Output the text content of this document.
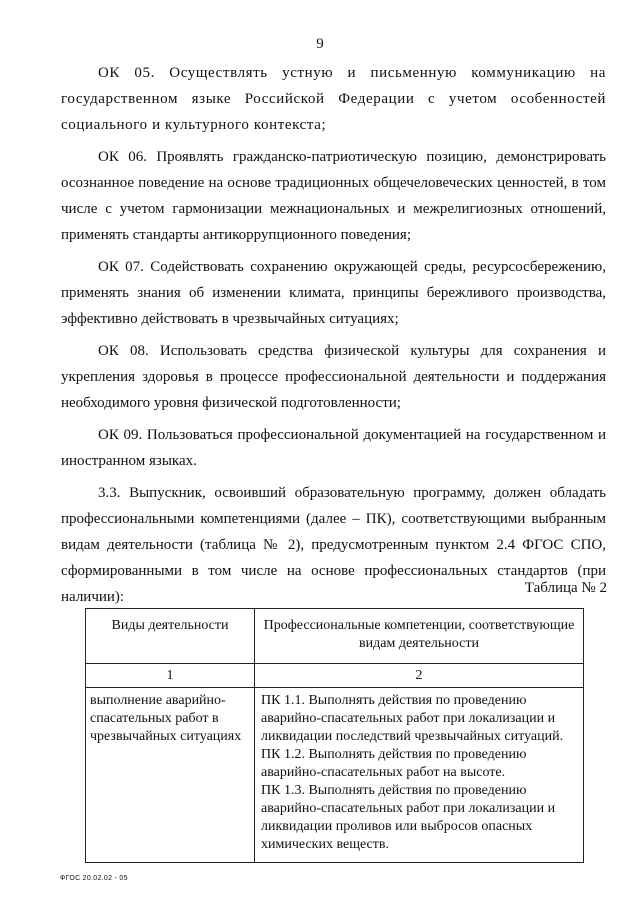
9

ОК 05. Осуществлять устную и письменную коммуникацию на государственном языке Российской Федерации с учетом особенностей социального и культурного контекста;

ОК 06. Проявлять гражданско-патриотическую позицию, демонстрировать осознанное поведение на основе традиционных общечеловеческих ценностей, в том числе с учетом гармонизации межнациональных и межрелигиозных отношений, применять стандарты антикоррупционного поведения;

ОК 07. Содействовать сохранению окружающей среды, ресурсосбережению, применять знания об изменении климата, принципы бережливого производства, эффективно действовать в чрезвычайных ситуациях;

ОК 08. Использовать средства физической культуры для сохранения и укрепления здоровья в процессе профессиональной деятельности и поддержания необходимого уровня физической подготовленности;

ОК 09. Пользоваться профессиональной документацией на государственном и иностранном языках.

3.3. Выпускник, освоивший образовательную программу, должен обладать профессиональными компетенциями (далее – ПК), соответствующими выбранным видам деятельности (таблица № 2), предусмотренным пунктом 2.4 ФГОС СПО, сформированными в том числе на основе профессиональных стандартов (при наличии):

Таблица № 2
Виды деятельности	Профессиональные компетенции, соответствующие видам деятельности
1	2
выполнение аварийно-спасательных работ в чрезвычайных ситуациях	ПК 1.1. Выполнять действия по проведению аварийно-спасательных работ при локализации и ликвидации последствий чрезвычайных ситуаций.
ПК 1.2. Выполнять действия по проведению аварийно-спасательных работ на высоте.
ПК 1.3. Выполнять действия по проведению аварийно-спасательных работ при локализации и ликвидации проливов или выбросов опасных химических веществ.
ФГОС 20.02.02 - 05
